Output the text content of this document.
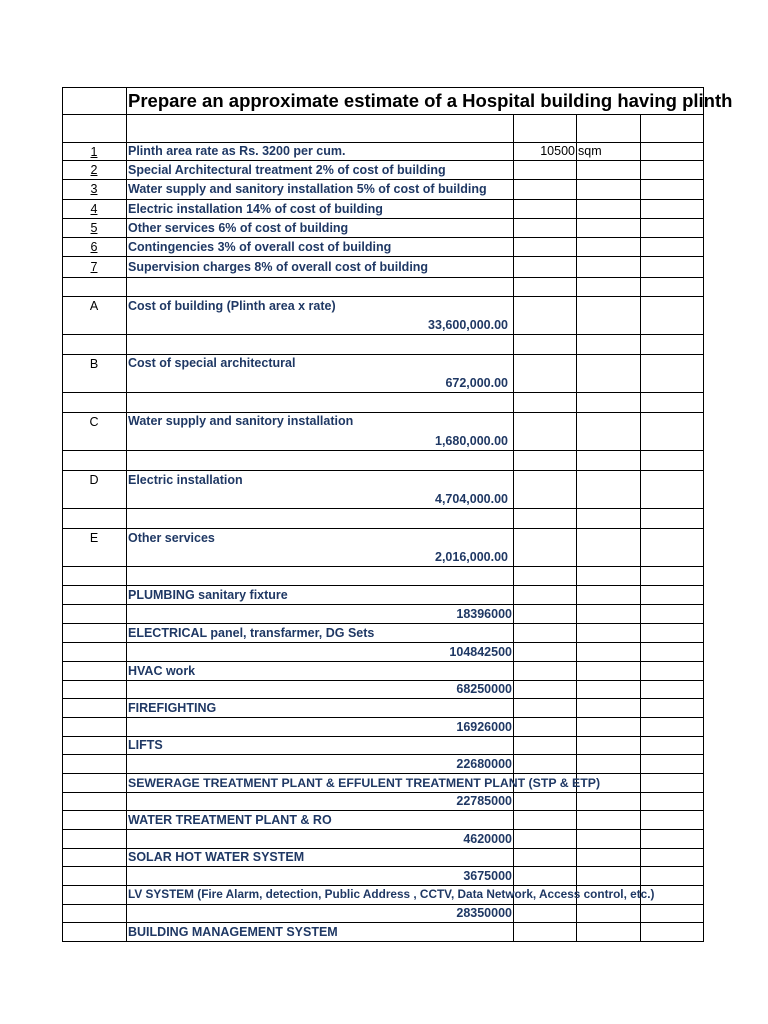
Prepare an approximate estimate of a Hospital building having plinth
1	Plinth area rate as Rs. 3200 per cum.	10500 sqm
2	Special Architectural treatment 2% of cost of building
3	Water supply and sanitory installation 5% of cost of building
4	Electric installation 14% of cost of building
5	Other services 6% of cost of building
6	Contingencies 3% of overall cost of building
7	Supervision charges 8% of overall cost of building
A	Cost of building (Plinth area x rate)
33,600,000.00
B	Cost of special architectural
672,000.00
C	Water supply and sanitory installation
1,680,000.00
D	Electric installation
4,704,000.00
E	Other services
2,016,000.00
PLUMBING sanitary fixture
18396000
ELECTRICAL panel, transfarmer, DG Sets
104842500
HVAC work
68250000
FIREFIGHTING
16926000
LIFTS
22680000
SEWERAGE TREATMENT PLANT & EFFULENT TREATMENT PLANT (STP & ETP)
22785000
WATER TREATMENT PLANT & RO
4620000
SOLAR HOT WATER SYSTEM
3675000
LV SYSTEM (Fire Alarm, detection, Public Address , CCTV, Data Network, Access control, etc.)
28350000
BUILDING MANAGEMENT SYSTEM
